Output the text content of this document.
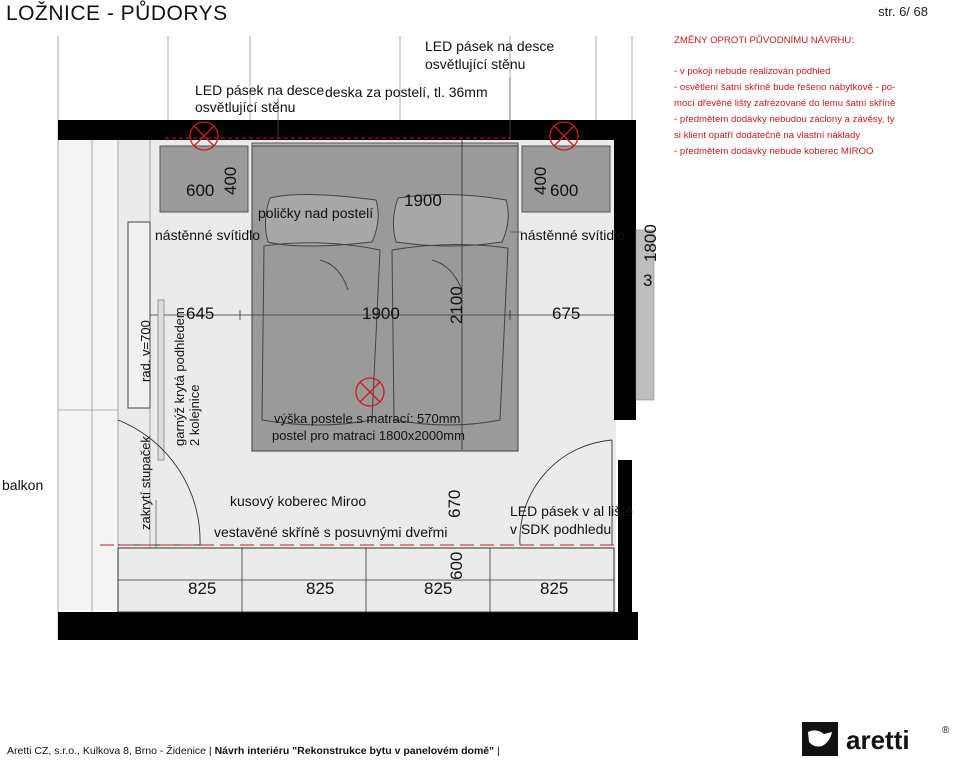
LOŽNICE - PŮDORYS	str. 6/ 68
ZMĚNY OPROTI PŮVODNÍMU NÁVRHU:
- v pokoji nebude realizován podhled
- osvětlení šatní skříně bude řešeno nábytkově - po-
mocí dřevěné lišty zafrézované do lemu šatní skříně
- předmětem dodávky nebudou záclony a závěsy, ty
si klient opatří dodatečně na vlastní náklady
- předmětem dodávky nebude koberec MIROO
LED pásek na desce
osvětlující stěnu
deska za postelí, tl. 36mm
LED pásek na desce
osvětlující stěnu
poličky nad postelí
nástěnné svítidlo	nástěnné svítidlo
600 400
1900
400 600
1800
3
645	1900	2100	675
rad. v=700 garnýž krytá podhledem 2 kolejnice
zakrytí stupaček
balkon
výška postele s matrací: 570mm
postel pro matraci 1800x2000mm
kusový koberec Miroo
vestavěné skříně s posuvnými dveřmi
670	LED pásek v al liště
v SDK podhledu
600
825	825	825	825
Aretti CZ, s.r.o., Kulkova 8, Brno - Židenice | Návrh interiéru "Rekonstrukce bytu v panelovém domě" |	aretti	®
